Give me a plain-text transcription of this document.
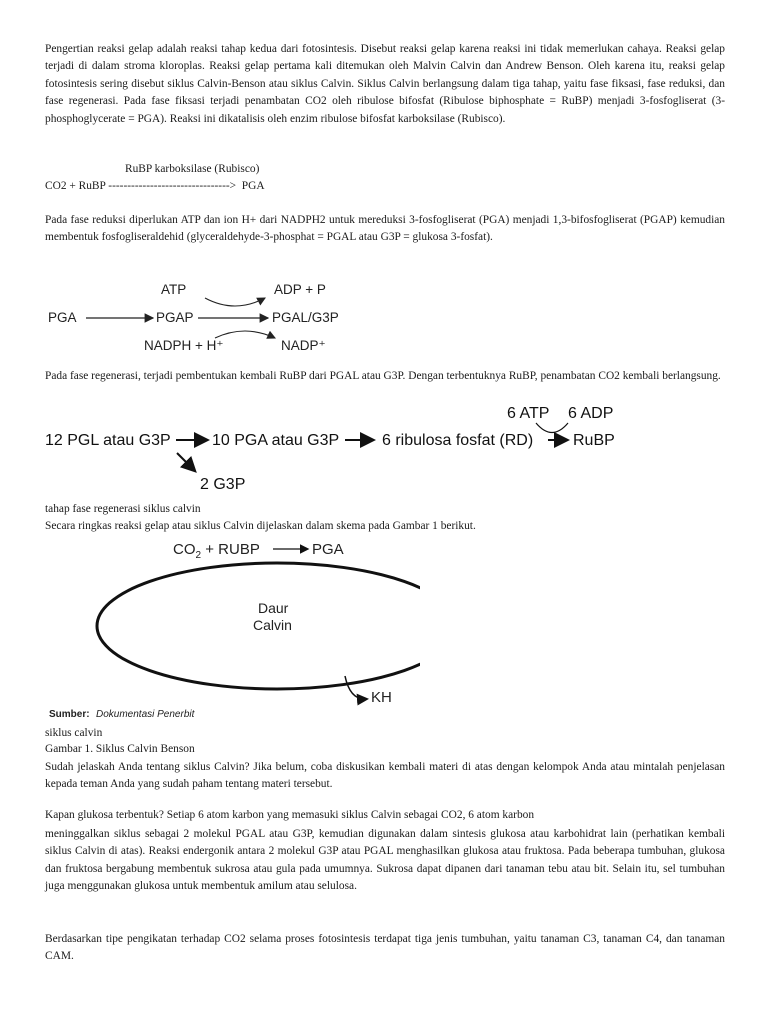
Pengertian reaksi gelap adalah reaksi tahap kedua dari fotosintesis. Disebut reaksi gelap karena reaksi ini tidak memerlukan cahaya. Reaksi gelap terjadi di dalam stroma kloroplas. Reaksi gelap pertama kali ditemukan oleh Malvin Calvin dan Andrew Benson. Oleh karena itu, reaksi gelap fotosintesis sering disebut siklus Calvin-Benson atau siklus Calvin. Siklus Calvin berlangsung dalam tiga tahap, yaitu fase fiksasi, fase reduksi, dan fase regenerasi. Pada fase fiksasi terjadi penambatan CO2 oleh ribulose bifosfat (Ribulose biphosphate = RuBP) menjadi 3-fosfogliserat (3-phosphoglycerate = PGA). Reaksi ini dikatalisis oleh enzim ribulose bifosfat karboksilase (Rubisco).

RuBP karboksilase (Rubisco)
CO2 + RuBP -------------------------------->  PGA

Pada fase reduksi diperlukan ATP dan ion H+ dari NADPH2 untuk mereduksi 3-fosfogliserat (PGA) menjadi 1,3-bifosfogliserat (PGAP) kemudian membentuk fosfogliseraldehid (glyceraldehyde-3-phosphat = PGAL atau G3P = glukosa 3-fosfat).

PGA	PGAP	PGAL/G3P
ATP	ADP + P
NADPH + H⁺	NADP⁺

Pada fase regenerasi, terjadi pembentukan kembali RuBP dari PGAL atau G3P. Dengan terbentuknya RuBP, penambatan CO2 kembali berlangsung.

12 PGL atau G3P	10 PGA atau G3P	6 ribulosa fosfat (RD) RuBP
6 ATP 6 ADP
2 G3P
tahap fase regenerasi siklus calvin
Secara ringkas reaksi gelap atau siklus Calvin dijelaskan dalam skema pada Gambar 1 berikut.
$CO_2$ + RUBP	PGA
Daur
Calvin
KH
Sumber: Dokumentasi Penerbit
siklus calvin
Gambar 1. Siklus Calvin Benson

Sudah jelaskah Anda tentang siklus Calvin? Jika belum, coba diskusikan kembali materi di atas dengan kelompok Anda atau mintalah penjelasan kepada teman Anda yang sudah paham tentang materi tersebut.

Kapan glukosa terbentuk? Setiap 6 atom karbon yang memasuki siklus Calvin sebagai CO2, 6 atom karbon

meninggalkan siklus sebagai 2 molekul PGAL atau G3P, kemudian digunakan dalam sintesis glukosa atau karbohidrat lain (perhatikan kembali siklus Calvin di atas). Reaksi endergonik antara 2 molekul G3P atau PGAL menghasilkan glukosa atau fruktosa. Pada beberapa tumbuhan, glukosa dan fruktosa bergabung membentuk sukrosa atau gula pada umumnya. Sukrosa dapat dipanen dari tanaman tebu atau bit. Selain itu, sel tumbuhan juga menggunakan glukosa untuk membentuk amilum atau selulosa.

Berdasarkan tipe pengikatan terhadap CO2 selama proses fotosintesis terdapat tiga jenis tumbuhan, yaitu tanaman C3, tanaman C4, dan tanaman CAM.
